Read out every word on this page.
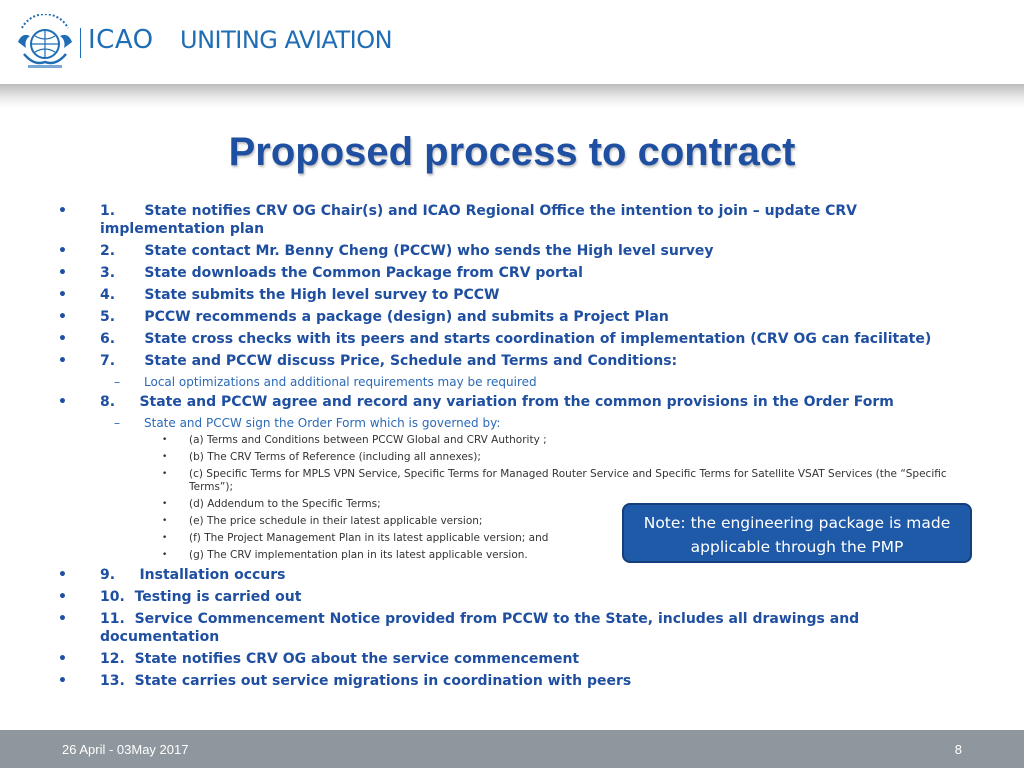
ICAO UNITING AVIATION
Proposed process to contract
• 1. State notifies CRV OG Chair(s) and ICAO Regional Office the intention to join – update CRV implementation plan
• 2. State contact Mr. Benny Cheng (PCCW) who sends the High level survey
• 3. State downloads the Common Package from CRV portal
• 4. State submits the High level survey to PCCW
• 5. PCCW recommends a package (design) and submits a Project Plan
• 6. State cross checks with its peers and starts coordination of implementation (CRV OG can facilitate)
• 7. State and PCCW discuss Price, Schedule and Terms and Conditions:
– Local optimizations and additional requirements may be required
• 8. State and PCCW agree and record any variation from the common provisions in the Order Form
– State and PCCW sign the Order Form which is governed by:
• (a) Terms and Conditions between PCCW Global and CRV Authority ;
• (b) The CRV Terms of Reference (including all annexes);
• (c) Specific Terms for MPLS VPN Service, Specific Terms for Managed Router Service and Specific Terms for Satellite VSAT Services (the “Specific Terms”);
• (d) Addendum to the Specific Terms;
• (e) The price schedule in their latest applicable version;
• (f) The Project Management Plan in its latest applicable version; and
• (g) The CRV implementation plan in its latest applicable version.
• 9. Installation occurs
• 10. Testing is carried out
• 11. Service Commencement Notice provided from PCCW to the State, includes all drawings and documentation
• 12. State notifies CRV OG about the service commencement
• 13. State carries out service migrations in coordination with peers
Note: the engineering package is made applicable through the PMP
26 April - 03May 2017	8
